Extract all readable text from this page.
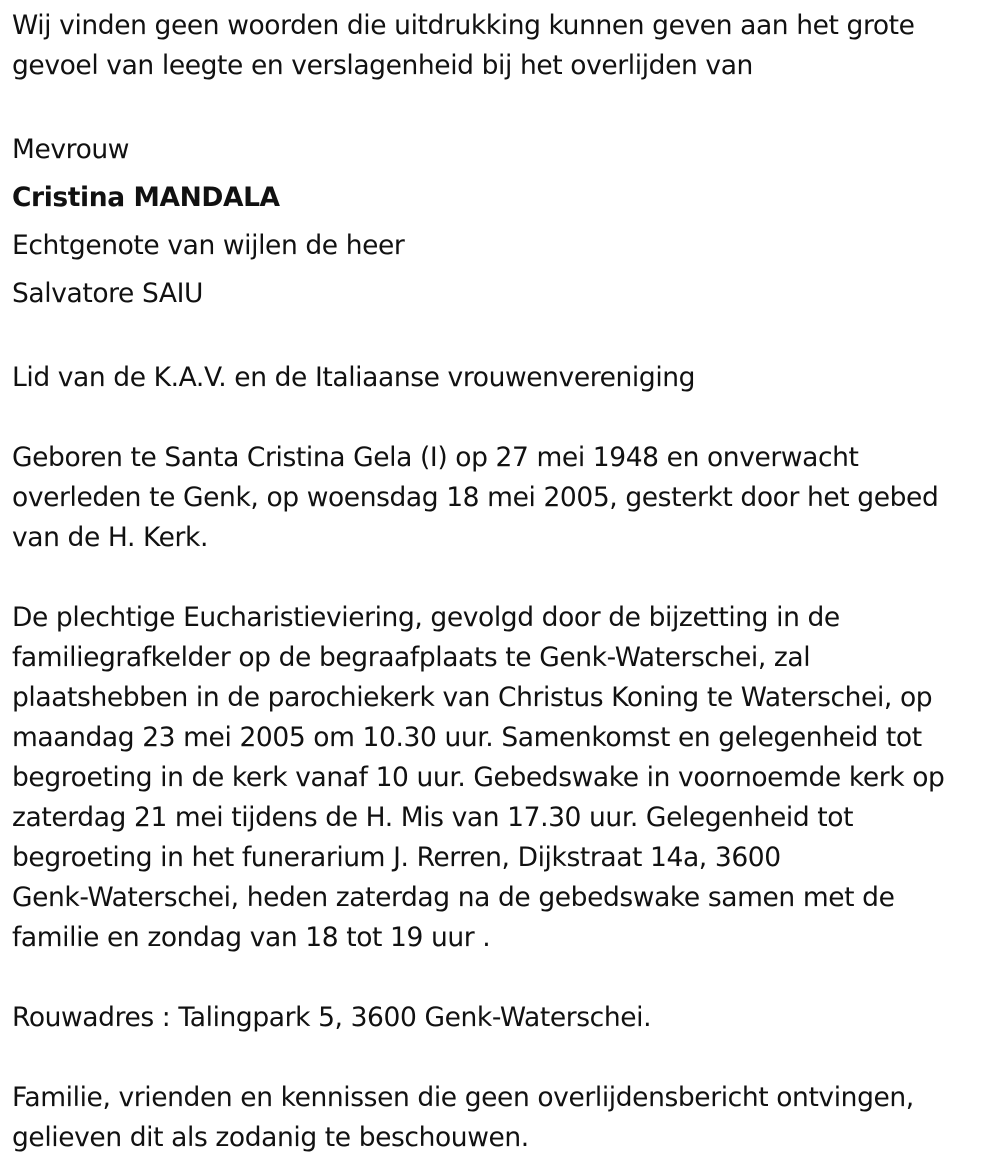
Wij vinden geen woorden die uitdrukking kunnen geven aan het grote

gevoel van leegte en verslagenheid bij het overlijden van

Mevrouw

Cristina MANDALA

Echtgenote van wijlen de heer

Salvatore SAIU

Lid van de K.A.V. en de Italiaanse vrouwenvereniging

Geboren te Santa Cristina Gela (I) op 27 mei 1948 en onverwacht

overleden te Genk, op woensdag 18 mei 2005, gesterkt door het gebed

van de H. Kerk.

De plechtige Eucharistieviering, gevolgd door de bijzetting in de

familiegrafkelder op de begraafplaats te Genk-Waterschei, zal

plaatshebben in de parochiekerk van Christus Koning te Waterschei, op

maandag 23 mei 2005 om 10.30 uur. Samenkomst en gelegenheid tot

begroeting in de kerk vanaf 10 uur. Gebedswake in voornoemde kerk op

zaterdag 21 mei tijdens de H. Mis van 17.30 uur. Gelegenheid tot

begroeting in het funerarium J. Rerren, Dijkstraat 14a, 3600

Genk-Waterschei, heden zaterdag na de gebedswake samen met de

familie en zondag van 18 tot 19 uur .

Rouwadres : Talingpark 5, 3600 Genk-Waterschei.

Familie, vrienden en kennissen die geen overlijdensbericht ontvingen,

gelieven dit als zodanig te beschouwen.
